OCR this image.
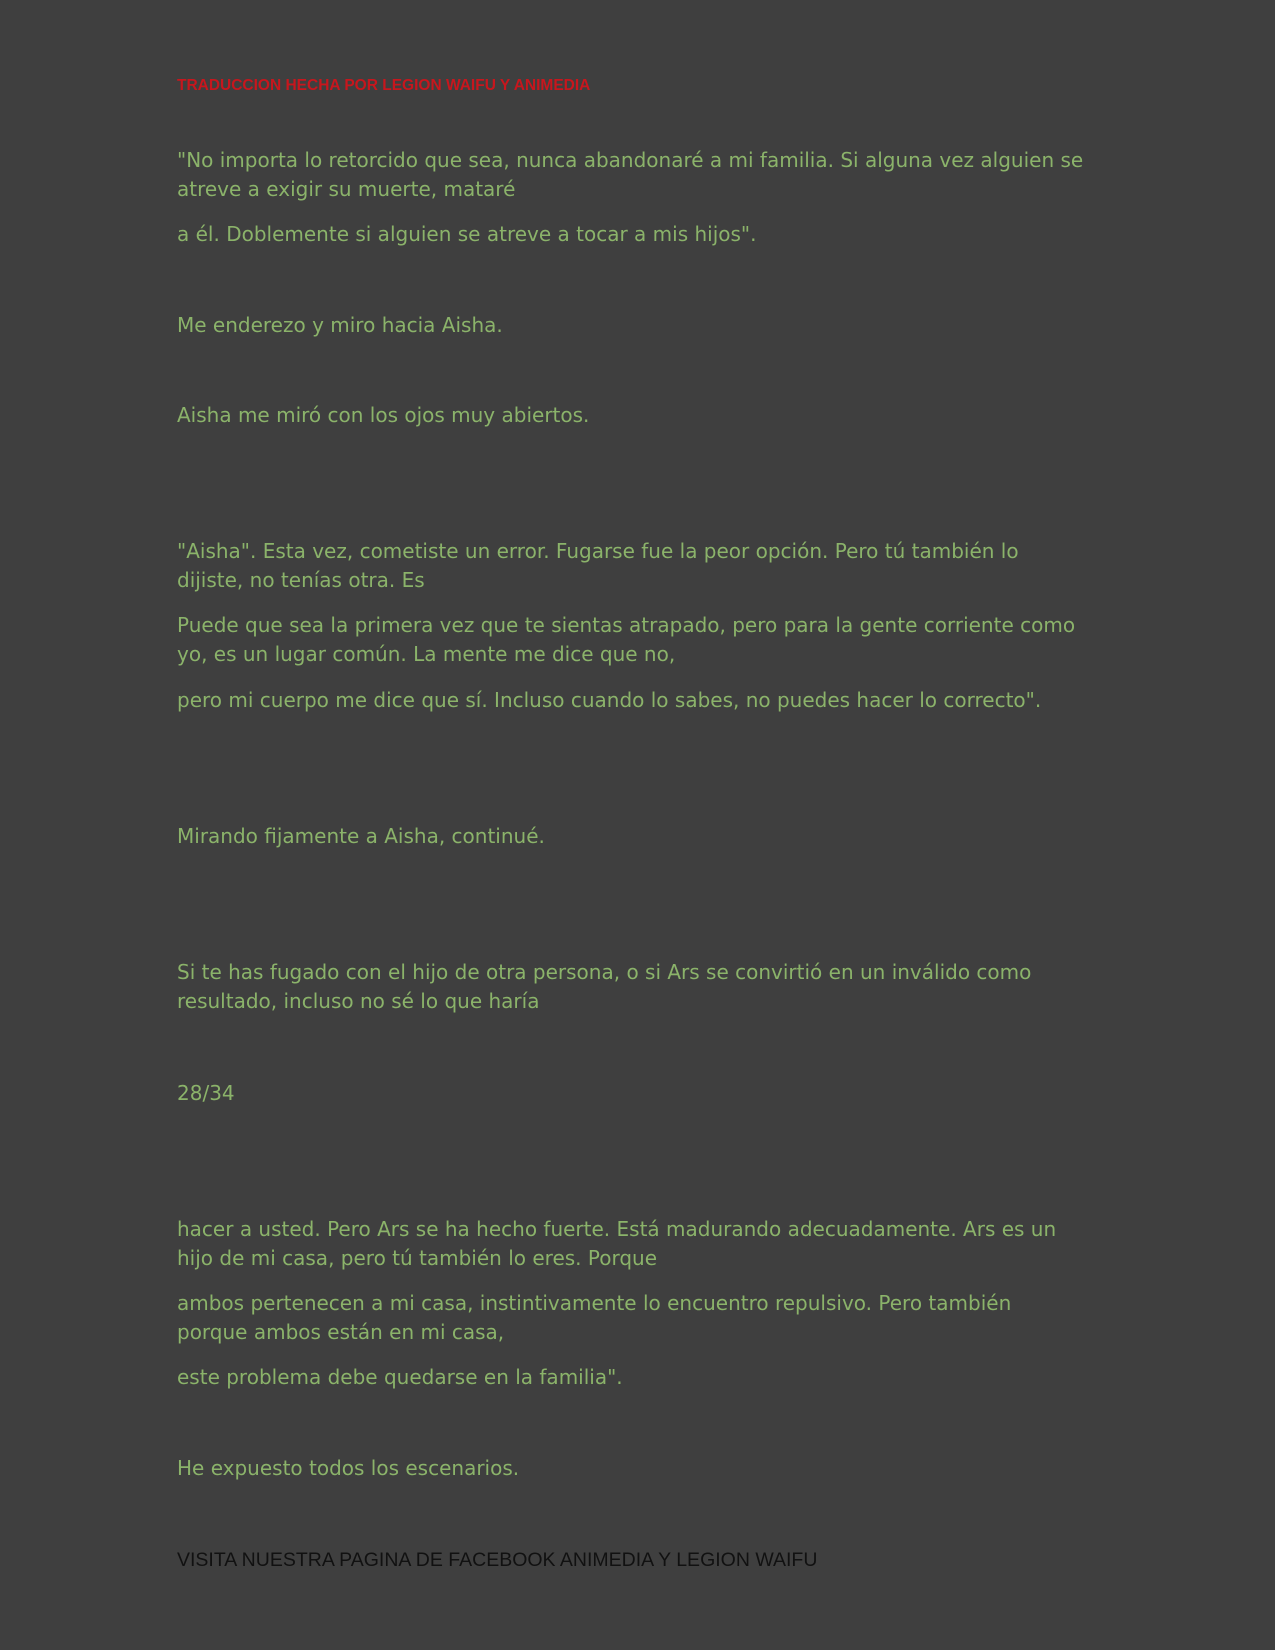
TRADUCCION HECHA POR LEGION WAIFU Y ANIMEDIA

"No importa lo retorcido que sea, nunca abandonaré a mi familia. Si alguna vez alguien se atreve a exigir su muerte, mataré

a él. Doblemente si alguien se atreve a tocar a mis hijos".

Me enderezo y miro hacia Aisha.

Aisha me miró con los ojos muy abiertos.

"Aisha". Esta vez, cometiste un error. Fugarse fue la peor opción. Pero tú también lo dijiste, no tenías otra. Es

Puede que sea la primera vez que te sientas atrapado, pero para la gente corriente como yo, es un lugar común. La mente me dice que no,

pero mi cuerpo me dice que sí. Incluso cuando lo sabes, no puedes hacer lo correcto".

Mirando fijamente a Aisha, continué.

Si te has fugado con el hijo de otra persona, o si Ars se convirtió en un inválido como resultado, incluso no sé lo que haría

28/34

hacer a usted. Pero Ars se ha hecho fuerte. Está madurando adecuadamente. Ars es un hijo de mi casa, pero tú también lo eres. Porque

ambos pertenecen a mi casa, instintivamente lo encuentro repulsivo. Pero también porque ambos están en mi casa,

este problema debe quedarse en la familia".

He expuesto todos los escenarios.

VISITA NUESTRA PAGINA DE FACEBOOK ANIMEDIA Y LEGION WAIFU
